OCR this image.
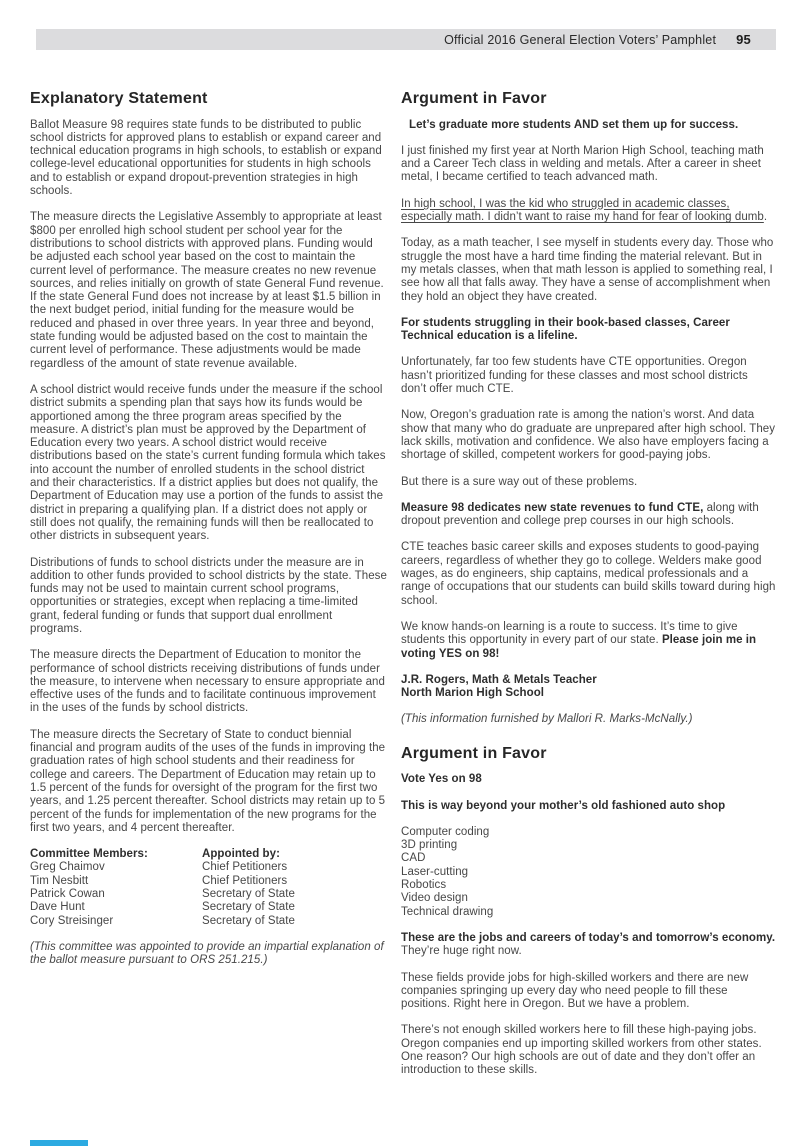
Official 2016 General Election Voters’ Pamphlet 95
Explanatory Statement

Ballot Measure 98 requires state funds to be distributed to public school districts for approved plans to establish or expand career and technical education programs in high schools, to establish or expand college-level educational opportunities for students in high schools and to establish or expand dropout-prevention strategies in high schools.

The measure directs the Legislative Assembly to appropriate at least $800 per enrolled high school student per school year for the distributions to school districts with approved plans. Funding would be adjusted each school year based on the cost to maintain the current level of performance. The measure creates no new revenue sources, and relies initially on growth of state General Fund revenue. If the state General Fund does not increase by at least $1.5 billion in the next budget period, initial funding for the measure would be reduced and phased in over three years. In year three and beyond, state funding would be adjusted based on the cost to maintain the current level of performance. These adjustments would be made regardless of the amount of state revenue available.

A school district would receive funds under the measure if the school district submits a spending plan that says how its funds would be apportioned among the three program areas specified by the measure. A district’s plan must be approved by the Department of Education every two years. A school district would receive distributions based on the state’s current funding formula which takes into account the number of enrolled students in the school district and their characteristics. If a district applies but does not qualify, the Department of Education may use a portion of the funds to assist the district in preparing a qualifying plan. If a district does not apply or still does not qualify, the remaining funds will then be reallocated to other districts in subsequent years.

Distributions of funds to school districts under the measure are in addition to other funds provided to school districts by the state. These funds may not be used to maintain current school programs, opportunities or strategies, except when replacing a time-limited grant, federal funding or funds that support dual enrollment programs.

The measure directs the Department of Education to monitor the performance of school districts receiving distributions of funds under the measure, to intervene when necessary to ensure appropriate and effective uses of the funds and to facilitate continuous improvement in the uses of the funds by school districts.

The measure directs the Secretary of State to conduct biennial financial and program audits of the uses of the funds in improving the graduation rates of high school students and their readiness for college and careers. The Department of Education may retain up to 1.5 percent of the funds for oversight of the program for the first two years, and 1.25 percent thereafter. School districts may retain up to 5 percent of the funds for implementation of the new programs for the first two years, and 4 percent thereafter.

Committee Members:	Appointed by:
Greg Chaimov	Chief Petitioners
Tim Nesbitt	Chief Petitioners
Patrick Cowan	Secretary of State
Dave Hunt	Secretary of State
Cory Streisinger	Secretary of State

(This committee was appointed to provide an impartial explanation of the ballot measure pursuant to ORS 251.215.)

Argument in Favor

Let’s graduate more students AND set them up for success.

I just finished my first year at North Marion High School, teaching math and a Career Tech class in welding and metals. After a career in sheet metal, I became certified to teach advanced math.

In high school, I was the kid who struggled in academic classes, especially math. I didn’t want to raise my hand for fear of looking dumb.

Today, as a math teacher, I see myself in students every day. Those who struggle the most have a hard time finding the material relevant. But in my metals classes, when that math lesson is applied to something real, I see how all that falls away. They have a sense of accomplishment when they hold an object they have created.

For students struggling in their book-based classes, Career Technical education is a lifeline.

Unfortunately, far too few students have CTE opportunities. Oregon hasn’t prioritized funding for these classes and most school districts don’t offer much CTE.

Now, Oregon’s graduation rate is among the nation’s worst. And data show that many who do graduate are unprepared after high school. They lack skills, motivation and confidence. We also have employers facing a shortage of skilled, competent workers for good-paying jobs.

But there is a sure way out of these problems.

Measure 98 dedicates new state revenues to fund CTE, along with dropout prevention and college prep courses in our high schools.

CTE teaches basic career skills and exposes students to good-paying careers, regardless of whether they go to college. Welders make good wages, as do engineers, ship captains, medical professionals and a range of occupations that our students can build skills toward during high school.

We know hands-on learning is a route to success. It’s time to give students this opportunity in every part of our state. Please join me in voting YES on 98!

J.R. Rogers, Math & Metals Teacher
North Marion High School

(This information furnished by Mallori R. Marks-McNally.)

Argument in Favor

Vote Yes on 98

This is way beyond your mother’s old fashioned auto shop

Computer coding
3D printing
CAD
Laser-cutting
Robotics
Video design
Technical drawing

These are the jobs and careers of today’s and tomorrow’s economy. They’re huge right now.

These fields provide jobs for high-skilled workers and there are new companies springing up every day who need people to fill these positions. Right here in Oregon. But we have a problem.

There’s not enough skilled workers here to fill these high-paying jobs. Oregon companies end up importing skilled workers from other states. One reason? Our high schools are out of date and they don’t offer an introduction to these skills.
